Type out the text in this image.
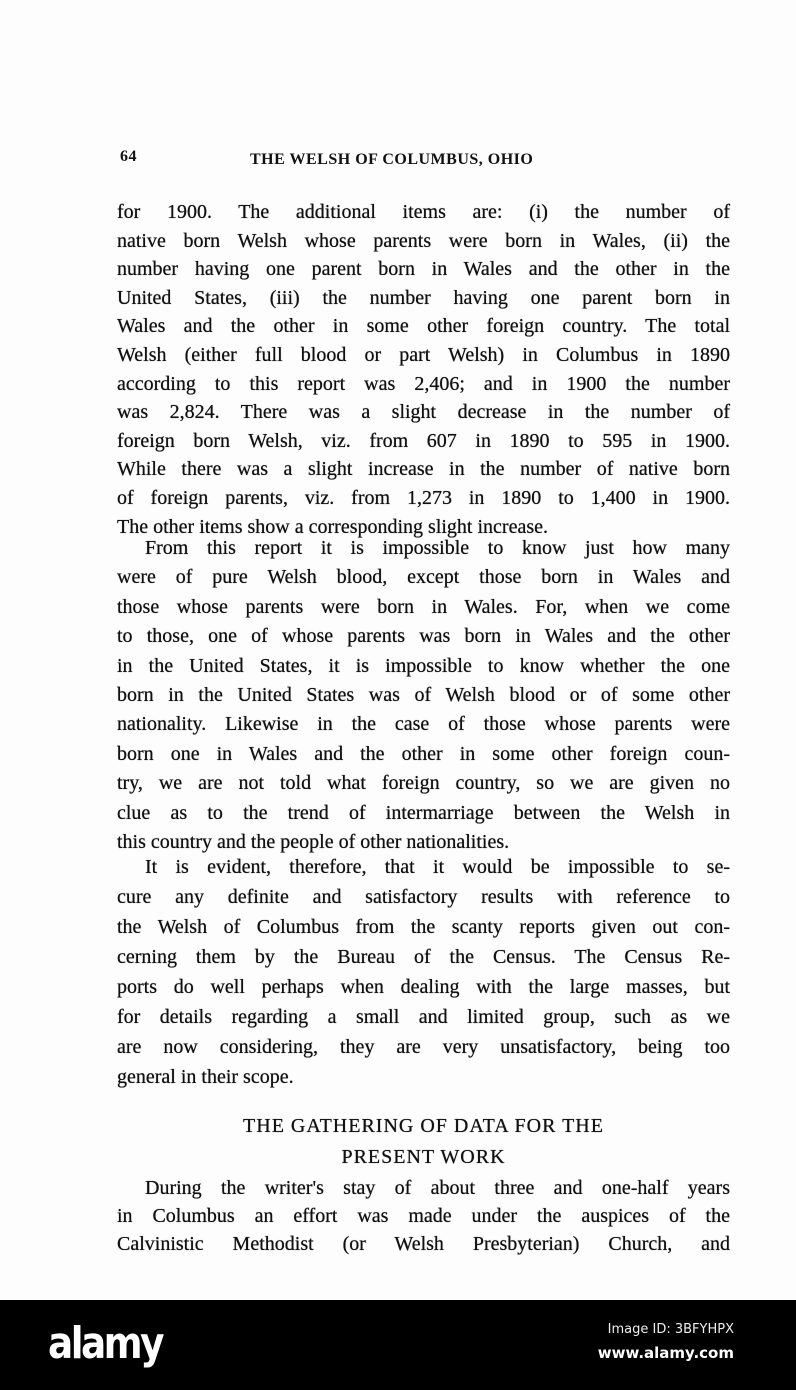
64	THE WELSH OF COLUMBUS, OHIO
for 1900. The additional items are: (i) the number of
native born Welsh whose parents were born in Wales, (ii) the
number having one parent born in Wales and the other in the
United States, (iii) the number having one parent born in
Wales and the other in some other foreign country. The total
Welsh (either full blood or part Welsh) in Columbus in 1890
according to this report was 2,406; and in 1900 the number
was 2,824. There was a slight decrease in the number of
foreign born Welsh, viz. from 607 in 1890 to 595 in 1900.
While there was a slight increase in the number of native born
of foreign parents, viz. from 1,273 in 1890 to 1,400 in 1900.
The other items show a corresponding slight increase.
From this report it is impossible to know just how many
were of pure Welsh blood, except those born in Wales and
those whose parents were born in Wales. For, when we come
to those, one of whose parents was born in Wales and the other
in the United States, it is impossible to know whether the one
born in the United States was of Welsh blood or of some other
nationality. Likewise in the case of those whose parents were
born one in Wales and the other in some other foreign coun-
try, we are not told what foreign country, so we are given no
clue as to the trend of intermarriage between the Welsh in
this country and the people of other nationalities.
It is evident, therefore, that it would be impossible to se-
cure any definite and satisfactory results with reference to
the Welsh of Columbus from the scanty reports given out con-
cerning them by the Bureau of the Census. The Census Re-
ports do well perhaps when dealing with the large masses, but
for details regarding a small and limited group, such as we
are now considering, they are very unsatisfactory, being too
general in their scope.
During the writer's stay of about three and one-half years
in Columbus an effort was made under the auspices of the
Calvinistic Methodist (or Welsh Presbyterian) Church, and
THE GATHERING OF DATA FOR THE
PRESENT WORK
alamy	Image ID: 3BFYHPX
www.alamy.com
